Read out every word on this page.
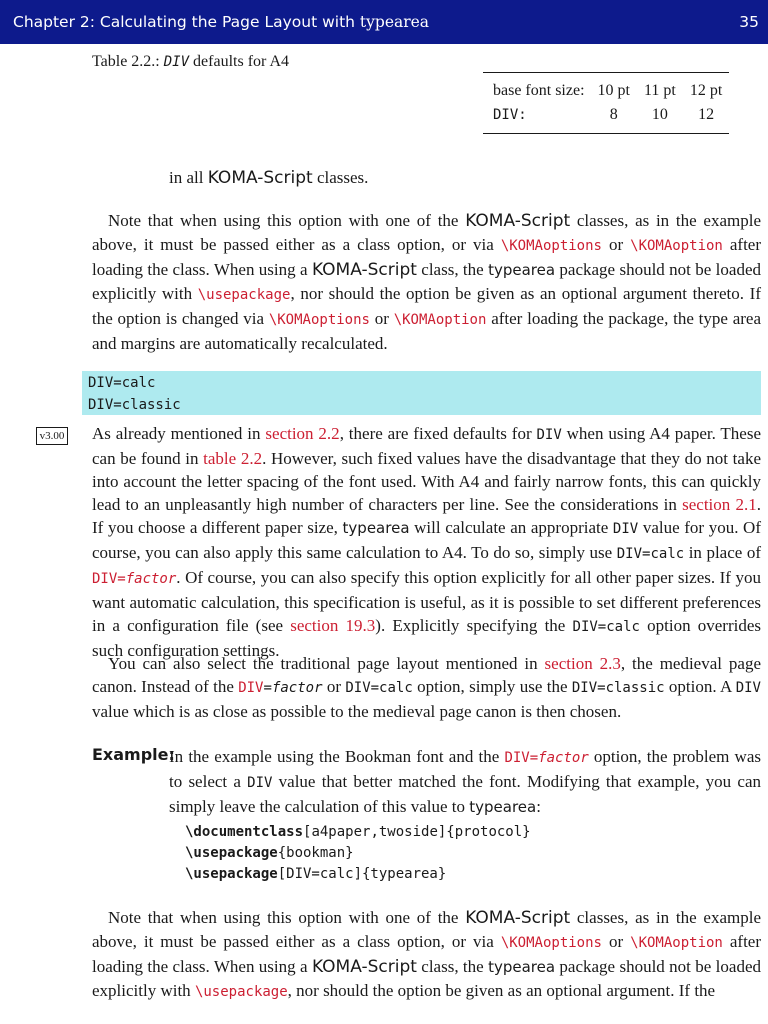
Chapter 2: Calculating the Page Layout with typearea	35
Table 2.2.: DIV defaults for A4
base font size:	10 pt	11 pt	12 pt
DIV:	8	10	12

in all KOMA-Script classes.

Note that when using this option with one of the KOMA-Script classes, as in the example above, it must be passed either as a class option, or via \KOMAoptions or \KOMAoption after loading the class. When using a KOMA-Script class, the typearea package should not be loaded explicitly with \usepackage, nor should the option be given as an optional argument thereto. If the option is changed via \KOMAoptions or \KOMAoption after loading the package, the type area and margins are automatically recalculated.

DIV=calc
DIV=classic
v3.00 As already mentioned in section 2.2, there are fixed defaults for DIV when using A4 paper. These can be found in table 2.2. However, such fixed values have the disadvantage that they do not take into account the letter spacing of the font used. With A4 and fairly narrow fonts, this can quickly lead to an unpleasantly high number of characters per line. See the considerations in section 2.1. If you choose a different paper size, typearea will calculate an appropriate DIV value for you. Of course, you can also apply this same calculation to A4. To do so, simply use DIV=calc in place of DIV=factor. Of course, you can also specify this option explicitly for all other paper sizes. If you want automatic calculation, this specification is useful, as it is possible to set different preferences in a configuration file (see section 19.3). Explicitly specifying the DIV=calc option overrides such configuration settings.

You can also select the traditional page layout mentioned in section 2.3, the medieval page canon. Instead of the DIV=factor or DIV=calc option, simply use the DIV=classic option. A DIV value which is as close as possible to the medieval page canon is then chosen.

Example:

In the example using the Bookman font and the DIV=factor option, the problem was to select a DIV value that better matched the font. Modifying that example, you can simply leave the calculation of this value to typearea:

\documentclass[a4paper,twoside]{protocol}
\usepackage{bookman}
\usepackage[DIV=calc]{typearea}

Note that when using this option with one of the KOMA-Script classes, as in the example above, it must be passed either as a class option, or via \KOMAoptions or \KOMAoption after loading the class. When using a KOMA-Script class, the typearea package should not be loaded explicitly with \usepackage, nor should the option be given as an optional argument. If the
